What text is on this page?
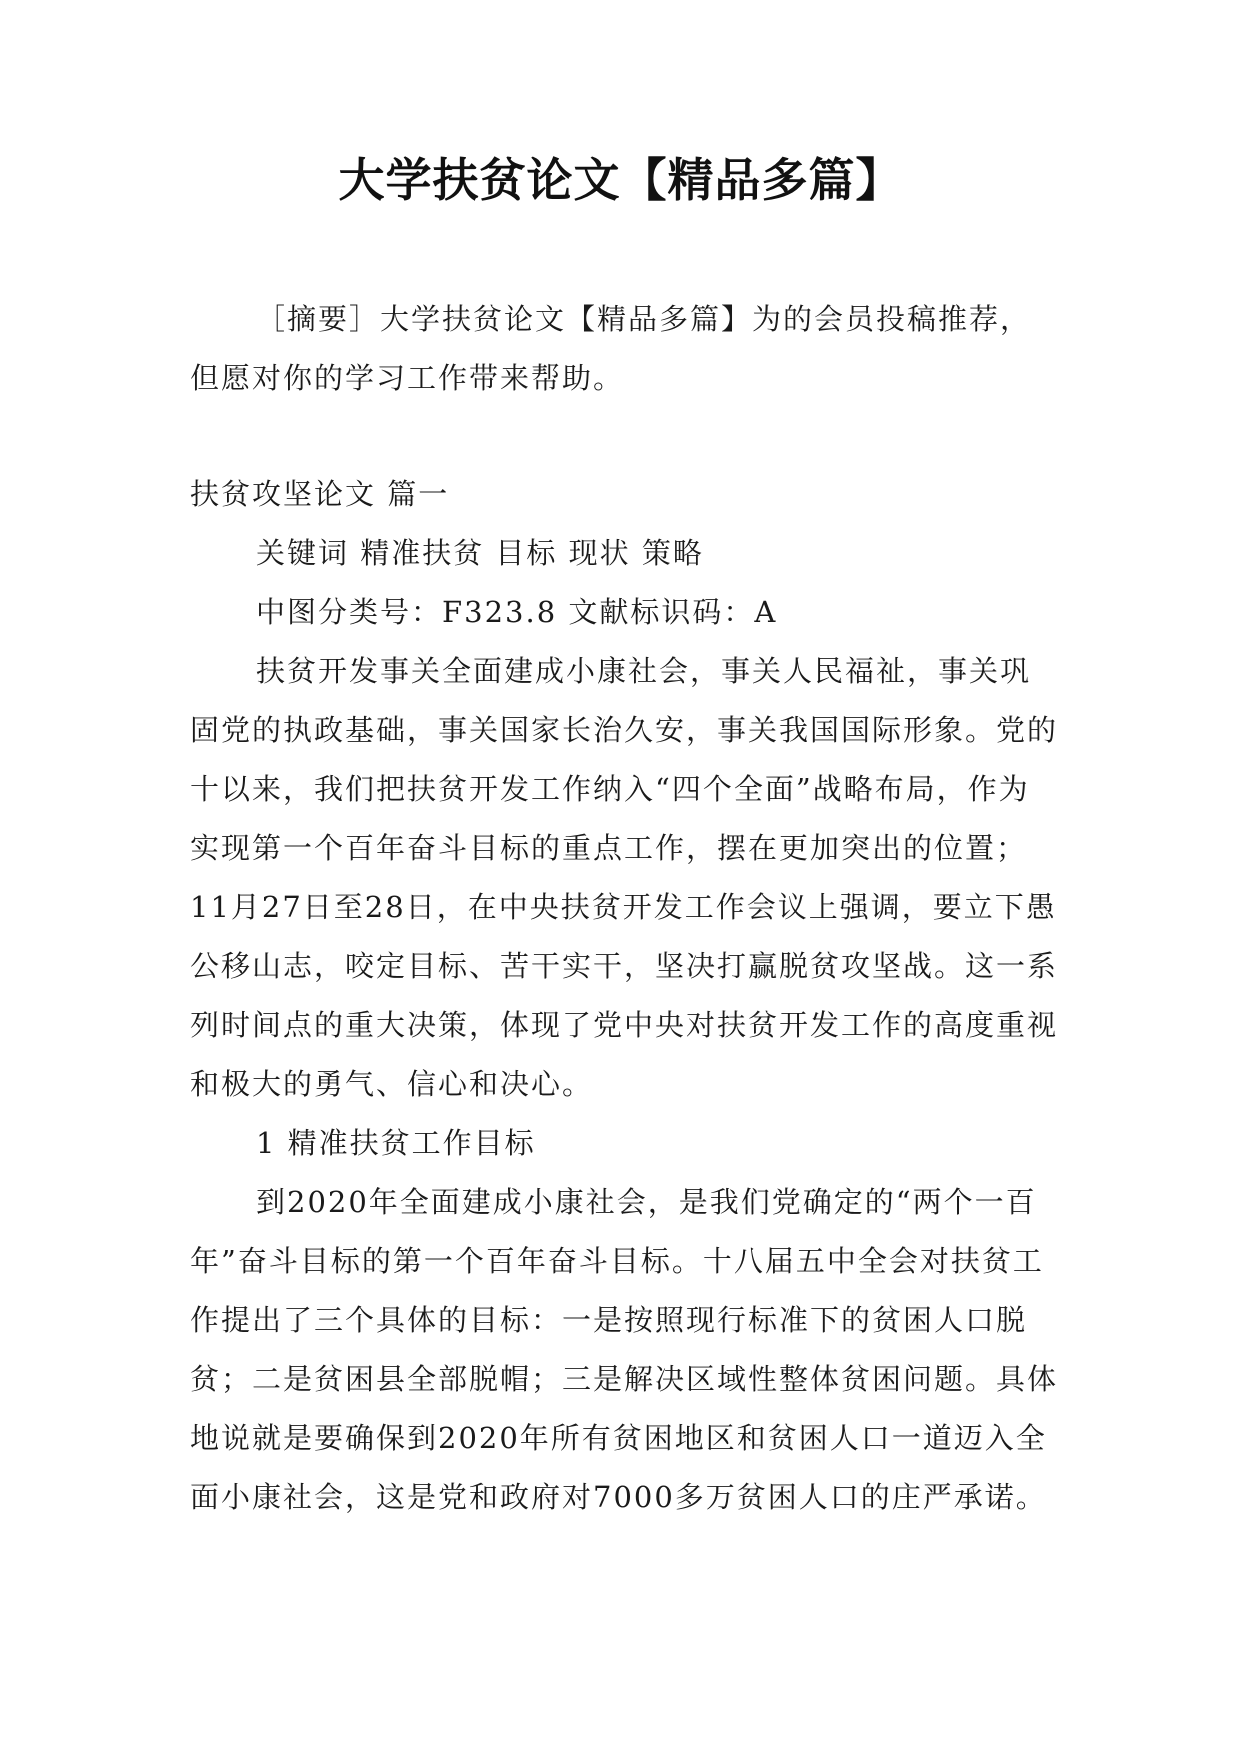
大学扶贫论文【精品多篇】
［摘要］大学扶贫论文【精品多篇】为的会员投稿推荐，但愿对你的学习工作带来帮助。

扶贫攻坚论文 篇一

关键词 精准扶贫 目标 现状 策略

中图分类号：F323.8 文献标识码：A

扶贫开发事关全面建成小康社会，事关人民福祉，事关巩固党的执政基础，事关国家长治久安，事关我国国际形象。党的十以来，我们把扶贫开发工作纳入“四个全面”战略布局，作为实现第一个百年奋斗目标的重点工作，摆在更加突出的位置； 11月27日至28日，在中央扶贫开发工作会议上强调，要立下愚公移山志，咬定目标、苦干实干，坚决打赢脱贫攻坚战。这一系列时间点的重大决策，体现了党中央对扶贫开发工作的高度重视和极大的勇气、信心和决心。

1 精准扶贫工作目标

到2020年全面建成小康社会，是我们党确定的“两个一百年”奋斗目标的第一个百年奋斗目标。十八届五中全会对扶贫工作提出了三个具体的目标：一是按照现行标准下的贫困人口脱贫；二是贫困县全部脱帽；三是解决区域性整体贫困问题。具体地说就是要确保到2020年所有贫困地区和贫困人口一道迈入全面小康社会，这是党和政府对7000多万贫困人口的庄严承诺。
